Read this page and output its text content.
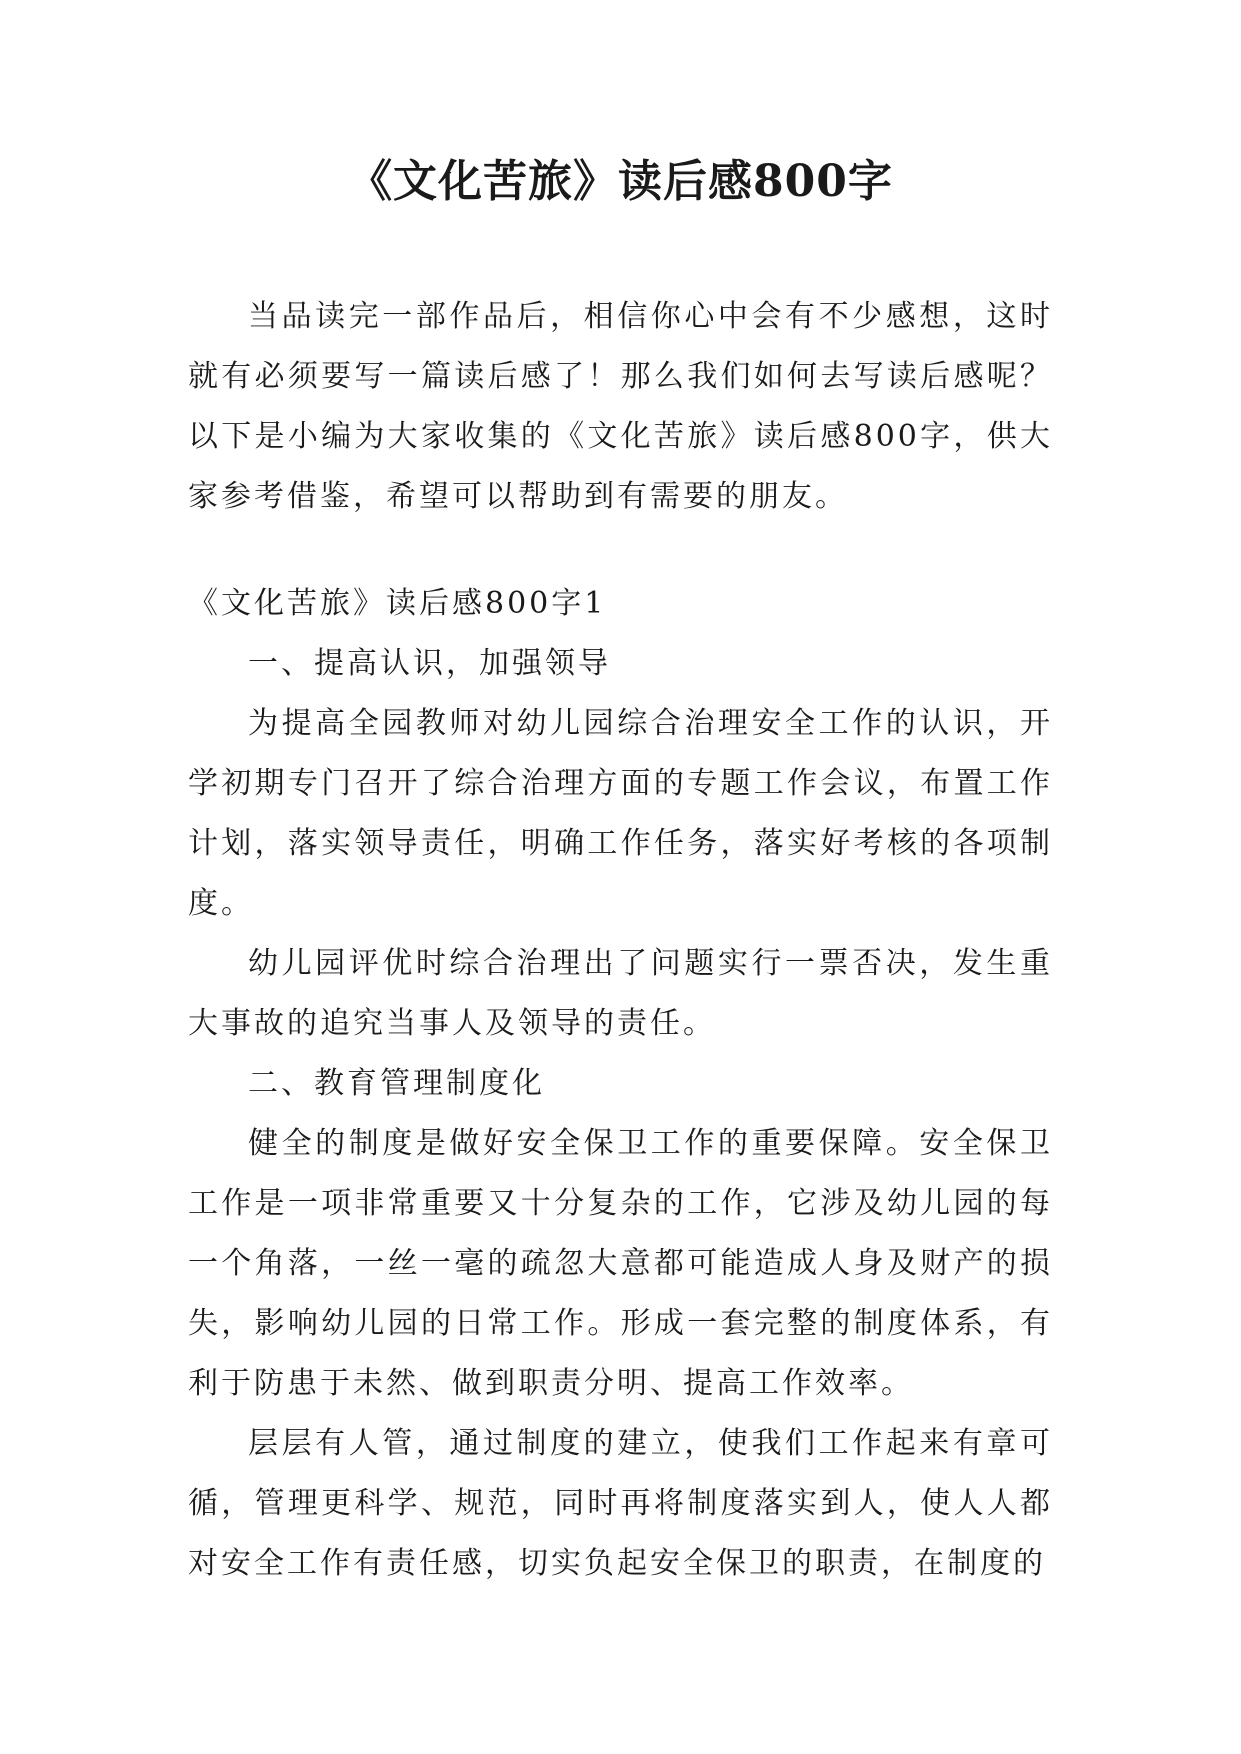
《文化苦旅》读后感800字

当品读完一部作品后，相信你心中会有不少感想，这时就有必须要写一篇读后感了！那么我们如何去写读后感呢？以下是小编为大家收集的《文化苦旅》读后感800字，供大家参考借鉴，希望可以帮助到有需要的朋友。

《文化苦旅》读后感800字1

一、提高认识，加强领导

为提高全园教师对幼儿园综合治理安全工作的认识，开学初期专门召开了综合治理方面的专题工作会议，布置工作计划，落实领导责任，明确工作任务，落实好考核的各项制度。

幼儿园评优时综合治理出了问题实行一票否决，发生重大事故的追究当事人及领导的责任。

二、教育管理制度化

健全的制度是做好安全保卫工作的重要保障。安全保卫工作是一项非常重要又十分复杂的工作，它涉及幼儿园的每一个角落，一丝一毫的疏忽大意都可能造成人身及财产的损失，影响幼儿园的日常工作。形成一套完整的制度体系，有利于防患于未然、做到职责分明、提高工作效率。

层层有人管，通过制度的建立，使我们工作起来有章可循，管理更科学、规范，同时再将制度落实到人，使人人都对安全工作有责任感，切实负起安全保卫的职责，在制度的
